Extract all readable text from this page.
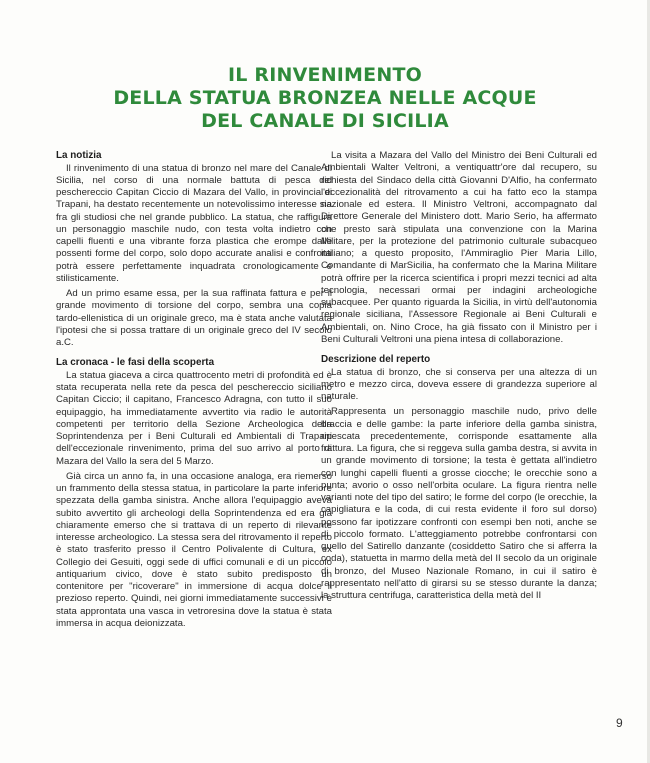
IL RINVENIMENTO
DELLA STATUA BRONZEA NELLE ACQUE
DEL CANALE DI SICILIA
La notizia

Il rinvenimento di una statua di bronzo nel mare del Canale di Sicilia, nel corso di una normale battuta di pesca del peschereccio Capitan Ciccio di Mazara del Vallo, in provincia di Trapani, ha destato recentemente un notevolissimo interesse sia fra gli studiosi che nel grande pubblico. La statua, che raffigura un personaggio maschile nudo, con testa volta indietro con capelli fluenti e una vibrante forza plastica che erompe dalle possenti forme del corpo, solo dopo accurate analisi e confronti potrà essere perfettamente inquadrata cronologicamente e stilisticamente.

Ad un primo esame essa, per la sua raffinata fattura e per il grande movimento di torsione del corpo, sembra una copia tardo-ellenistica di un originale greco, ma è stata anche valutata l'ipotesi che si possa trattare di un originale greco del IV secolo a.C.

La cronaca - le fasi della scoperta

La statua giaceva a circa quattrocento metri di profondità ed è stata recuperata nella rete da pesca del peschereccio siciliano Capitan Ciccio; il capitano, Francesco Adragna, con tutto il suo equipaggio, ha immediatamente avvertito via radio le autorità competenti per territorio della Sezione Archeologica della Soprintendenza per i Beni Culturali ed Ambientali di Trapani dell'eccezionale rinvenimento, prima del suo arrivo al porto di Mazara del Vallo la sera del 5 Marzo.

Già circa un anno fa, in una occasione analoga, era riemerso un frammento della stessa statua, in particolare la parte inferiore spezzata della gamba sinistra. Anche allora l'equipaggio aveva subito avvertito gli archeologi della Soprintendenza ed era già chiaramente emerso che si trattava di un reperto di rilevante interesse archeologico. La stessa sera del ritrovamento il reperto è stato trasferito presso il Centro Polivalente di Cultura, ex Collegio dei Gesuiti, oggi sede di uffici comunali e di un piccolo antiquarium civico, dove è stato subito predisposto un contenitore per "ricoverare" in immersione di acqua dolce il prezioso reperto. Quindi, nei giorni immediatamente successivi è stata approntata una vasca in vetroresina dove la statua è stata immersa in acqua deionizzata.

La visita a Mazara del Vallo del Ministro dei Beni Culturali ed Ambientali Walter Veltroni, a ventiquattr'ore dal recupero, su richiesta del Sindaco della città Giovanni D'Alfio, ha confermato l'eccezionalità del ritrovamento a cui ha fatto eco la stampa nazionale ed estera. Il Ministro Veltroni, accompagnato dal Direttore Generale del Ministero dott. Mario Serio, ha affermato che presto sarà stipulata una convenzione con la Marina Militare, per la protezione del patrimonio culturale subacqueo italiano; a questo proposito, l'Ammiraglio Pier Maria Lillo, Comandante di MarSicilia, ha confermato che la Marina Militare potrà offrire per la ricerca scientifica i propri mezzi tecnici ad alta tecnologia, necessari ormai per indagini archeologiche subacquee. Per quanto riguarda la Sicilia, in virtù dell'autonomia regionale siciliana, l'Assessore Regionale ai Beni Culturali e Ambientali, on. Nino Croce, ha già fissato con il Ministro per i Beni Culturali Veltroni una piena intesa di collaborazione.

Descrizione del reperto

La statua di bronzo, che si conserva per una altezza di un metro e mezzo circa, doveva essere di grandezza superiore al naturale.

Rappresenta un personaggio maschile nudo, privo delle braccia e delle gambe: la parte inferiore della gamba sinistra, ripescata precedentemente, corrisponde esattamente alla frattura. La figura, che si reggeva sulla gamba destra, si avvita in un grande movimento di torsione; la testa è gettata all'indietro con lunghi capelli fluenti a grosse ciocche; le orecchie sono a punta; avorio o osso nell'orbita oculare. La figura rientra nelle varianti note del tipo del satiro; le forme del corpo (le orecchie, la capigliatura e la coda, di cui resta evidente il foro sul dorso) possono far ipotizzare confronti con esempi ben noti, anche se di piccolo formato. L'atteggiamento potrebbe confrontarsi con quello del Satirello danzante (cosiddetto Satiro che si afferra la coda), statuetta in marmo della metà del II secolo da un originale di bronzo, del Museo Nazionale Romano, in cui il satiro è rappresentato nell'atto di girarsi su se stesso durante la danza; la struttura centrifuga, caratteristica della metà del II

9
